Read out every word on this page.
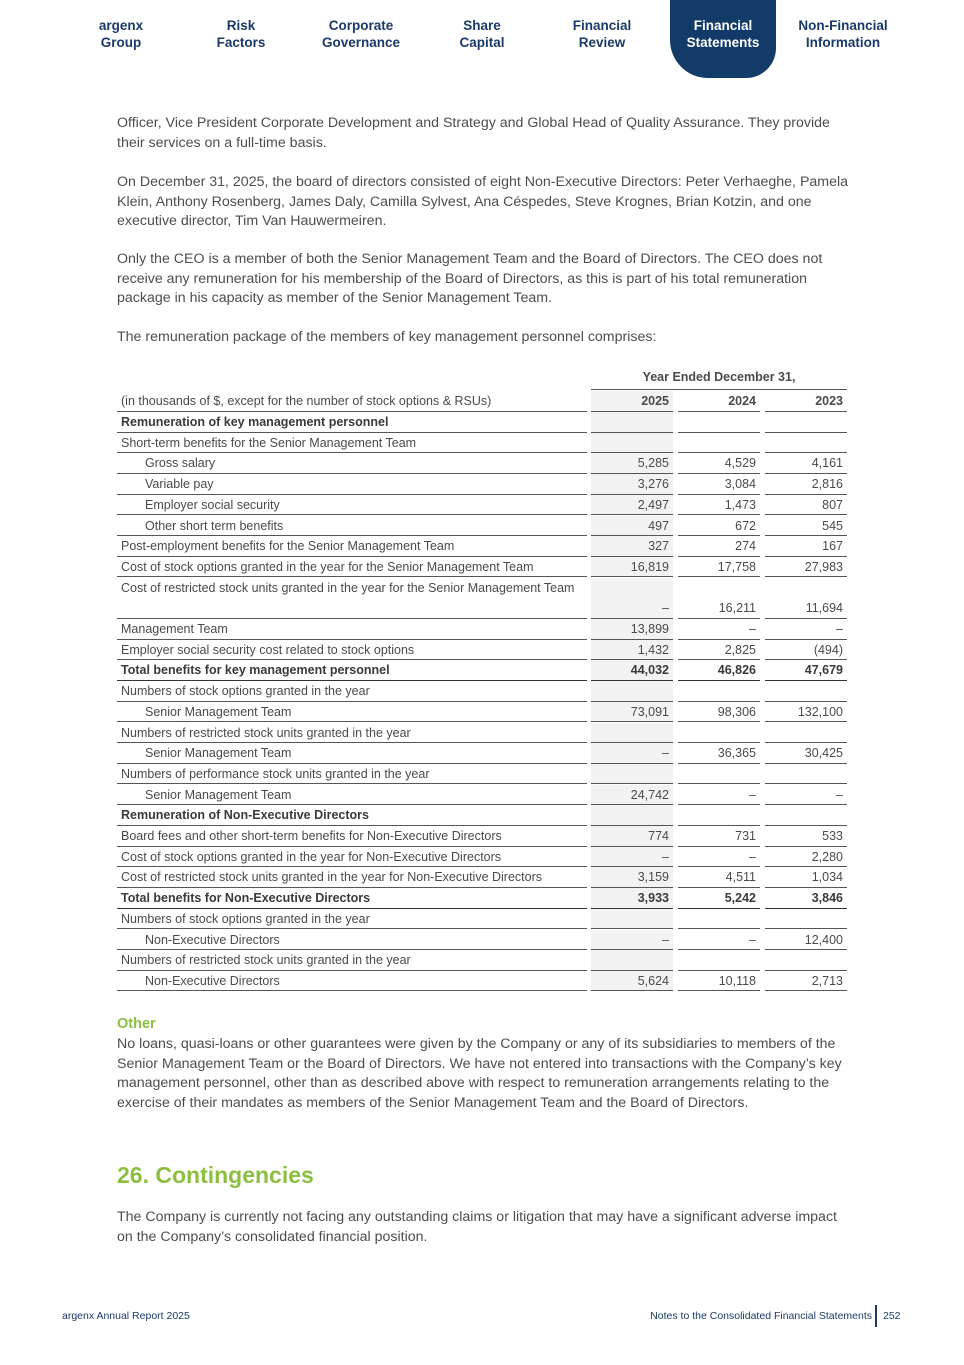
argenx
Group
Risk
Factors
Corporate
Governance
Share
Capital
Financial
Review
Financial
Statements
Non-Financial
Information

Officer, Vice President Corporate Development and Strategy and Global Head of Quality Assurance. They provide their services on a full-time basis.

On December 31, 2025, the board of directors consisted of eight Non-Executive Directors: Peter Verhaeghe, Pamela Klein, Anthony Rosenberg, James Daly, Camilla Sylvest, Ana Céspedes, Steve Krognes, Brian Kotzin, and one executive director, Tim Van Hauwermeiren.

Only the CEO is a member of both the Senior Management Team and the Board of Directors. The CEO does not receive any remuneration for his membership of the Board of Directors, as this is part of his total remuneration package in his capacity as member of the Senior Management Team.

The remuneration package of the members of key management personnel comprises:

Year Ended December 31,
(in thousands of $, except for the number of stock options & RSUs)	2025	2024	2023
Remuneration of key management personnel
Short-term benefits for the Senior Management Team
Gross salary	5,285	4,529	4,161
Variable pay	3,276	3,084	2,816
Employer social security	2,497	1,473	807
Other short term benefits	497	672	545
Post-employment benefits for the Senior Management Team	327	274	167
Cost of stock options granted in the year for the Senior Management Team	16,819	17,758	27,983
Cost of restricted stock units granted in the year for the Senior Management Team
–	16,211	11,694
Management Team	13,899	–	–
Employer social security cost related to stock options	1,432	2,825	(494)
Total benefits for key management personnel	44,032	46,826	47,679
Numbers of stock options granted in the year
Senior Management Team	73,091	98,306	132,100
Numbers of restricted stock units granted in the year
Senior Management Team	–	36,365	30,425
Numbers of performance stock units granted in the year
Senior Management Team	24,742	–	–
Remuneration of Non-Executive Directors
Board fees and other short-term benefits for Non-Executive Directors	774	731	533
Cost of stock options granted in the year for Non-Executive Directors	–	–	2,280
Cost of restricted stock units granted in the year for Non-Executive Directors	3,159	4,511	1,034
Total benefits for Non-Executive Directors	3,933	5,242	3,846
Numbers of stock options granted in the year
Non-Executive Directors	–	–	12,400
Numbers of restricted stock units granted in the year
Non-Executive Directors	5,624	10,118	2,713
Other

No loans, quasi-loans or other guarantees were given by the Company or any of its subsidiaries to members of the Senior Management Team or the Board of Directors. We have not entered into transactions with the Company’s key management personnel, other than as described above with respect to remuneration arrangements relating to the exercise of their mandates as members of the Senior Management Team and the Board of Directors.

26. Contingencies

The Company is currently not facing any outstanding claims or litigation that may have a significant adverse impact on the Company’s consolidated financial position.

argenx Annual Report 2025	Notes to the Consolidated Financial Statements 252
